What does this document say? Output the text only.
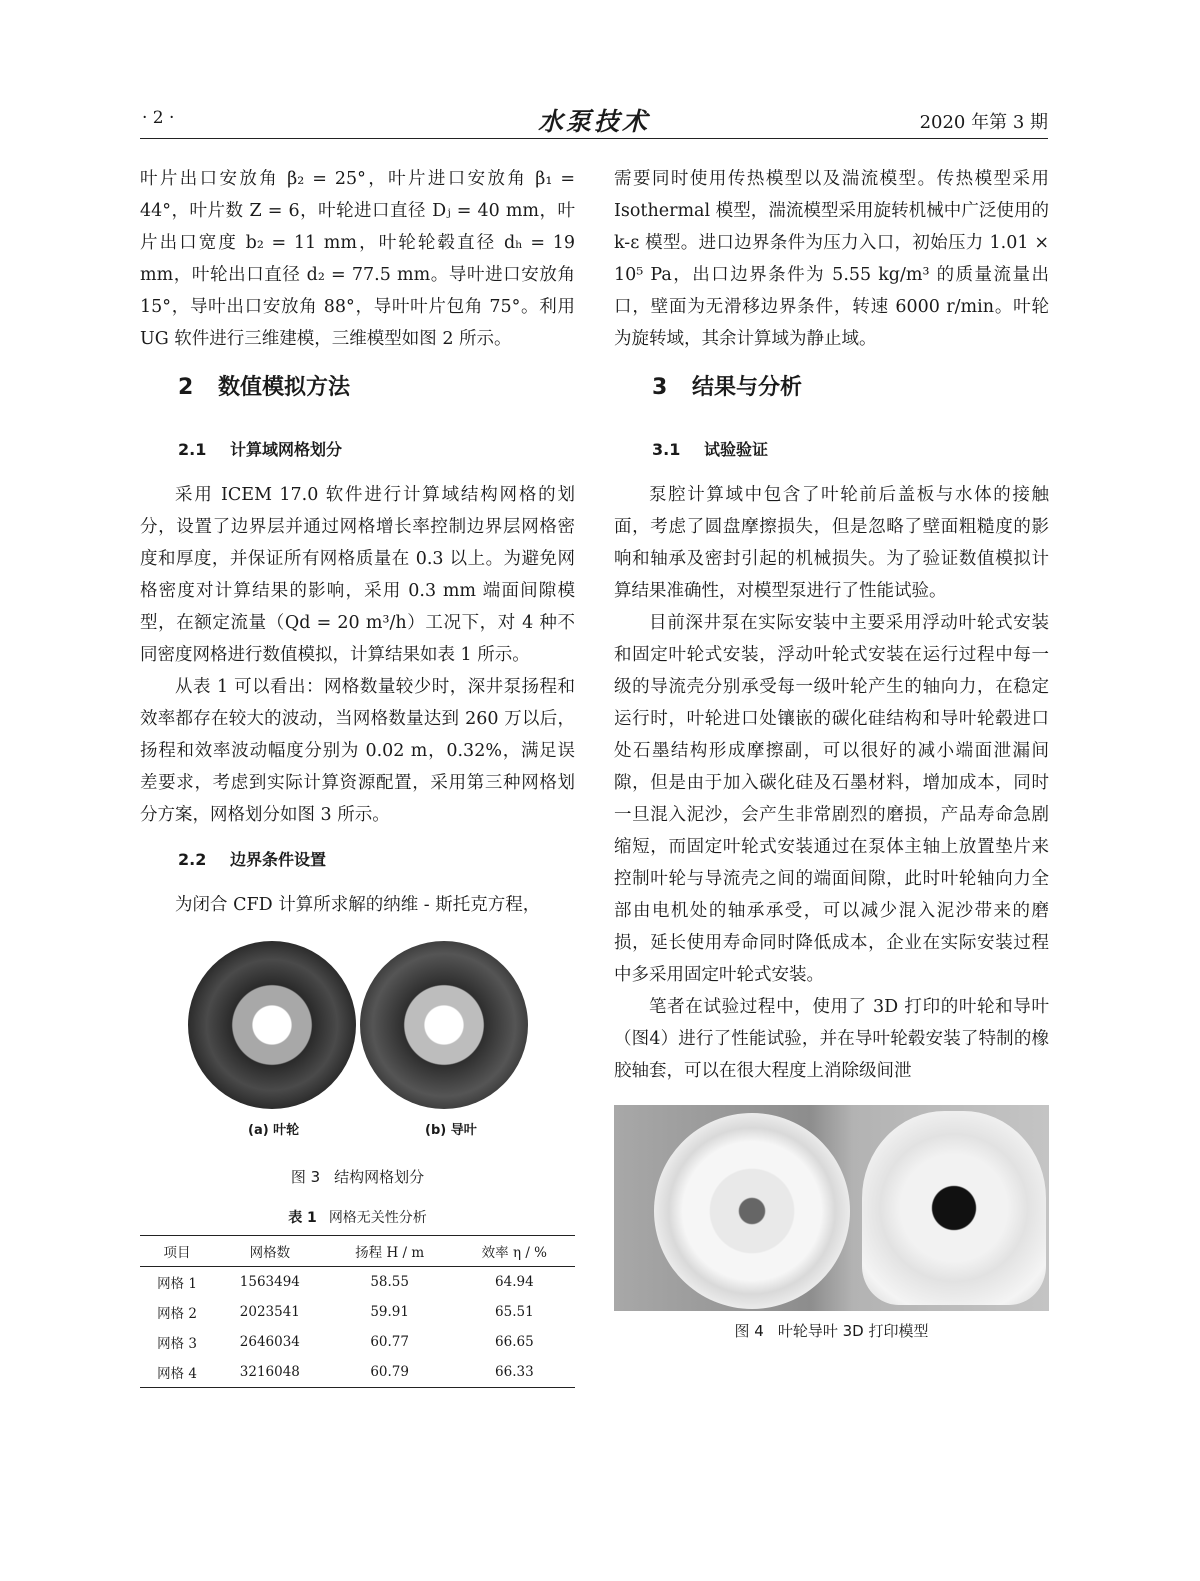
· 2 ·	水泵技术	2020 年第 3 期

叶片出口安放角 β₂ = 25°，叶片进口安放角 β₁ = 44°，叶片数 Z = 6，叶轮进口直径 Dⱼ = 40 mm，叶片出口宽度 b₂ = 11 mm，叶轮轮毂直径 dₕ = 19 mm，叶轮出口直径 d₂ = 77.5 mm。导叶进口安放角 15°，导叶出口安放角 88°，导叶叶片包角 75°。利用 UG 软件进行三维建模，三维模型如图 2 所示。

2 数值模拟方法
2.1 计算域网格划分

采用 ICEM 17.0 软件进行计算域结构网格的划分，设置了边界层并通过网格增长率控制边界层网格密度和厚度，并保证所有网格质量在 0.3 以上。为避免网格密度对计算结果的影响，采用 0.3 mm 端面间隙模型，在额定流量（Qd = 20 m³/h）工况下，对 4 种不同密度网格进行数值模拟，计算结果如表 1 所示。

从表 1 可以看出：网格数量较少时，深井泵扬程和效率都存在较大的波动，当网格数量达到 260 万以后，扬程和效率波动幅度分别为 0.02 m，0.32%，满足误差要求，考虑到实际计算资源配置，采用第三种网格划分方案，网格划分如图 3 所示。

2.2 边界条件设置

为闭合 CFD 计算所求解的纳维 - 斯托克方程，

(a) 叶轮	(b) 导叶
图 3 结构网格划分
表 1 网格无关性分析
项目	网格数	扬程 H / m	效率 η / %
网格 1	1563494	58.55	64.94
网格 2	2023541	59.91	65.51
网格 3	2646034	60.77	66.65
网格 4	3216048	60.79	66.33

需要同时使用传热模型以及湍流模型。传热模型采用 Isothermal 模型，湍流模型采用旋转机械中广泛使用的 k-ε 模型。进口边界条件为压力入口，初始压力 1.01 × 10⁵ Pa，出口边界条件为 5.55 kg/m³ 的质量流量出口，壁面为无滑移边界条件，转速 6000 r/min。叶轮为旋转域，其余计算域为静止域。

3 结果与分析
3.1 试验验证

泵腔计算域中包含了叶轮前后盖板与水体的接触面，考虑了圆盘摩擦损失，但是忽略了壁面粗糙度的影响和轴承及密封引起的机械损失。为了验证数值模拟计算结果准确性，对模型泵进行了性能试验。

目前深井泵在实际安装中主要采用浮动叶轮式安装和固定叶轮式安装，浮动叶轮式安装在运行过程中每一级的导流壳分别承受每一级叶轮产生的轴向力，在稳定运行时，叶轮进口处镶嵌的碳化硅结构和导叶轮毂进口处石墨结构形成摩擦副，可以很好的减小端面泄漏间隙，但是由于加入碳化硅及石墨材料，增加成本，同时一旦混入泥沙，会产生非常剧烈的磨损，产品寿命急剧缩短，而固定叶轮式安装通过在泵体主轴上放置垫片来控制叶轮与导流壳之间的端面间隙，此时叶轮轴向力全部由电机处的轴承承受，可以减少混入泥沙带来的磨损，延长使用寿命同时降低成本，企业在实际安装过程中多采用固定叶轮式安装。

笔者在试验过程中，使用了 3D 打印的叶轮和导叶（图4）进行了性能试验，并在导叶轮毂安装了特制的橡胶轴套，可以在很大程度上消除级间泄

图 4 叶轮导叶 3D 打印模型
